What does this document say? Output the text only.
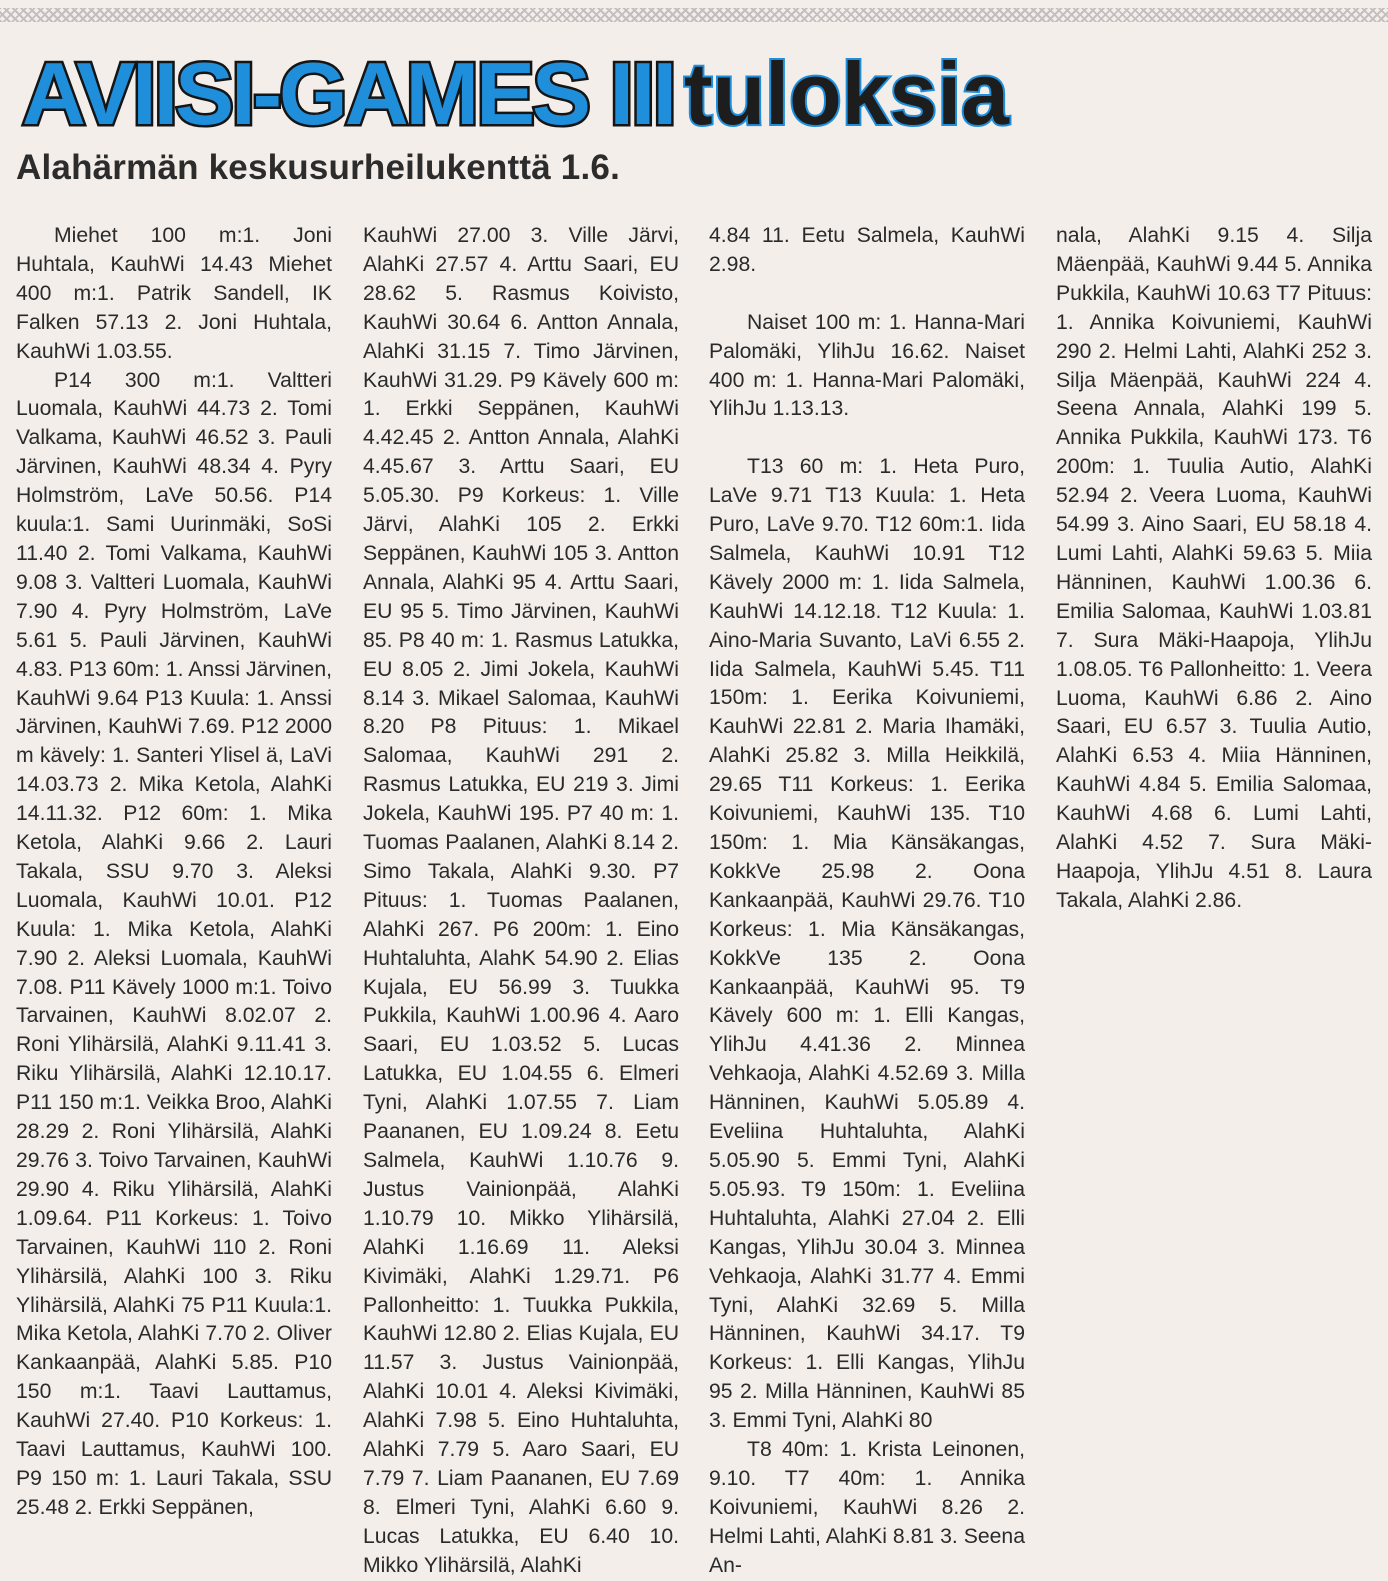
AVIISI-GAMES III tuloksia
Alahärmän keskusurheilukenttä 1.6.

Miehet 100 m:1. Joni Huhtala, KauhWi 14.43 Miehet 400 m:1. Patrik Sandell, IK Falken 57.13 2. Joni Huhtala, KauhWi 1.03.55.

P14 300 m:1. Valtteri Luomala, KauhWi 44.73 2. Tomi Valkama, KauhWi 46.52 3. Pauli Järvinen, KauhWi 48.34 4. Pyry Holmström, LaVe 50.56. P14 kuula:1. Sami Uurinmäki, SoSi 11.40 2. Tomi Valkama, KauhWi 9.08 3. Valtteri Luomala, KauhWi 7.90 4. Pyry Holmström, LaVe 5.61 5. Pauli Järvinen, KauhWi 4.83. P13 60m: 1. Anssi Järvinen, KauhWi 9.64 P13 Kuula: 1. Anssi Järvinen, KauhWi 7.69. P12 2000 m kävely: 1. Santeri Ylisel ä, LaVi 14.03.73 2. Mika Ketola, AlahKi 14.11.32. P12 60m: 1. Mika Ketola, AlahKi 9.66 2. Lauri Takala, SSU 9.70 3. Aleksi Luomala, KauhWi 10.01. P12 Kuula: 1. Mika Ketola, AlahKi 7.90 2. Aleksi Luomala, KauhWi 7.08. P11 Kävely 1000 m:1. Toivo Tarvainen, KauhWi 8.02.07 2. Roni Ylihärsilä, AlahKi 9.11.41 3. Riku Ylihärsilä, AlahKi 12.10.17. P11 150 m:1. Veikka Broo, AlahKi 28.29 2. Roni Ylihärsilä, AlahKi 29.76 3. Toivo Tarvainen, KauhWi 29.90 4. Riku Ylihärsilä, AlahKi 1.09.64. P11 Korkeus: 1. Toivo Tarvainen, KauhWi 110 2. Roni Ylihärsilä, AlahKi 100 3. Riku Ylihärsilä, AlahKi 75 P11 Kuula:1. Mika Ketola, AlahKi 7.70 2. Oliver Kankaanpää, AlahKi 5.85. P10 150 m:1. Taavi Lauttamus, KauhWi 27.40. P10 Korkeus: 1. Taavi Lauttamus, KauhWi 100. P9 150 m: 1. Lauri Takala, SSU 25.48 2. Erkki Seppänen,

KauhWi 27.00 3. Ville Järvi, AlahKi 27.57 4. Arttu Saari, EU 28.62 5. Rasmus Koivisto, KauhWi 30.64 6. Antton Annala, AlahKi 31.15 7. Timo Järvinen, KauhWi 31.29. P9 Kävely 600 m: 1. Erkki Seppänen, KauhWi 4.42.45 2. Antton Annala, AlahKi 4.45.67 3. Arttu Saari, EU 5.05.30. P9 Korkeus: 1. Ville Järvi, AlahKi 105 2. Erkki Seppänen, KauhWi 105 3. Antton Annala, AlahKi 95 4. Arttu Saari, EU 95 5. Timo Järvinen, KauhWi 85. P8 40 m: 1. Rasmus Latukka, EU 8.05 2. Jimi Jokela, KauhWi 8.14 3. Mikael Salomaa, KauhWi 8.20 P8 Pituus: 1. Mikael Salomaa, KauhWi 291 2. Rasmus Latukka, EU 219 3. Jimi Jokela, KauhWi 195. P7 40 m: 1. Tuomas Paalanen, AlahKi 8.14 2. Simo Takala, AlahKi 9.30. P7 Pituus: 1. Tuomas Paalanen, AlahKi 267. P6 200m: 1. Eino Huhtaluhta, AlahK 54.90 2. Elias Kujala, EU 56.99 3. Tuukka Pukkila, KauhWi 1.00.96 4. Aaro Saari, EU 1.03.52 5. Lucas Latukka, EU 1.04.55 6. Elmeri Tyni, AlahKi 1.07.55 7. Liam Paananen, EU 1.09.24 8. Eetu Salmela, KauhWi 1.10.76 9. Justus Vainionpää, AlahKi 1.10.79 10. Mikko Ylihärsilä, AlahKi 1.16.69 11. Aleksi Kivimäki, AlahKi 1.29.71. P6 Pallonheitto: 1. Tuukka Pukkila, KauhWi 12.80 2. Elias Kujala, EU 11.57 3. Justus Vainionpää, AlahKi 10.01 4. Aleksi Kivimäki, AlahKi 7.98 5. Eino Huhtaluhta, AlahKi 7.79 5. Aaro Saari, EU 7.79 7. Liam Paananen, EU 7.69 8. Elmeri Tyni, AlahKi 6.60 9. Lucas Latukka, EU 6.40 10. Mikko Ylihärsilä, AlahKi

4.84 11. Eetu Salmela, KauhWi 2.98.

Naiset 100 m: 1. Hanna-Mari Palomäki, YlihJu 16.62. Naiset 400 m: 1. Hanna-Mari Palomäki, YlihJu 1.13.13.

T13 60 m: 1. Heta Puro, LaVe 9.71 T13 Kuula: 1. Heta Puro, LaVe 9.70. T12 60m:1. Iida Salmela, KauhWi 10.91 T12 Kävely 2000 m: 1. Iida Salmela, KauhWi 14.12.18. T12 Kuula: 1. Aino-Maria Suvanto, LaVi 6.55 2. Iida Salmela, KauhWi 5.45. T11 150m: 1. Eerika Koivuniemi, KauhWi 22.81 2. Maria Ihamäki, AlahKi 25.82 3. Milla Heikkilä, 29.65 T11 Korkeus: 1. Eerika Koivuniemi, KauhWi 135. T10 150m: 1. Mia Känsäkangas, KokkVe 25.98 2. Oona Kankaanpää, KauhWi 29.76. T10 Korkeus: 1. Mia Känsäkangas, KokkVe 135 2. Oona Kankaanpää, KauhWi 95. T9 Kävely 600 m: 1. Elli Kangas, YlihJu 4.41.36 2. Minnea Vehkaoja, AlahKi 4.52.69 3. Milla Hänninen, KauhWi 5.05.89 4. Eveliina Huhtaluhta, AlahKi 5.05.90 5. Emmi Tyni, AlahKi 5.05.93. T9 150m: 1. Eveliina Huhtaluhta, AlahKi 27.04 2. Elli Kangas, YlihJu 30.04 3. Minnea Vehkaoja, AlahKi 31.77 4. Emmi Tyni, AlahKi 32.69 5. Milla Hänninen, KauhWi 34.17. T9 Korkeus: 1. Elli Kangas, YlihJu 95 2. Milla Hänninen, KauhWi 85 3. Emmi Tyni, AlahKi 80

T8 40m: 1. Krista Leinonen, 9.10. T7 40m: 1. Annika Koivuniemi, KauhWi 8.26 2. Helmi Lahti, AlahKi 8.81 3. Seena An-

nala, AlahKi 9.15 4. Silja Mäenpää, KauhWi 9.44 5. Annika Pukkila, KauhWi 10.63 T7 Pituus: 1. Annika Koivuniemi, KauhWi 290 2. Helmi Lahti, AlahKi 252 3. Silja Mäenpää, KauhWi 224 4. Seena Annala, AlahKi 199 5. Annika Pukkila, KauhWi 173. T6 200m: 1. Tuulia Autio, AlahKi 52.94 2. Veera Luoma, KauhWi 54.99 3. Aino Saari, EU 58.18 4. Lumi Lahti, AlahKi 59.63 5. Miia Hänninen, KauhWi 1.00.36 6. Emilia Salomaa, KauhWi 1.03.81 7. Sura Mäki-Haapoja, YlihJu 1.08.05. T6 Pallonheitto: 1. Veera Luoma, KauhWi 6.86 2. Aino Saari, EU 6.57 3. Tuulia Autio, AlahKi 6.53 4. Miia Hänninen, KauhWi 4.84 5. Emilia Salomaa, KauhWi 4.68 6. Lumi Lahti, AlahKi 4.52 7. Sura Mäki-Haapoja, YlihJu 4.51 8. Laura Takala, AlahKi 2.86.
